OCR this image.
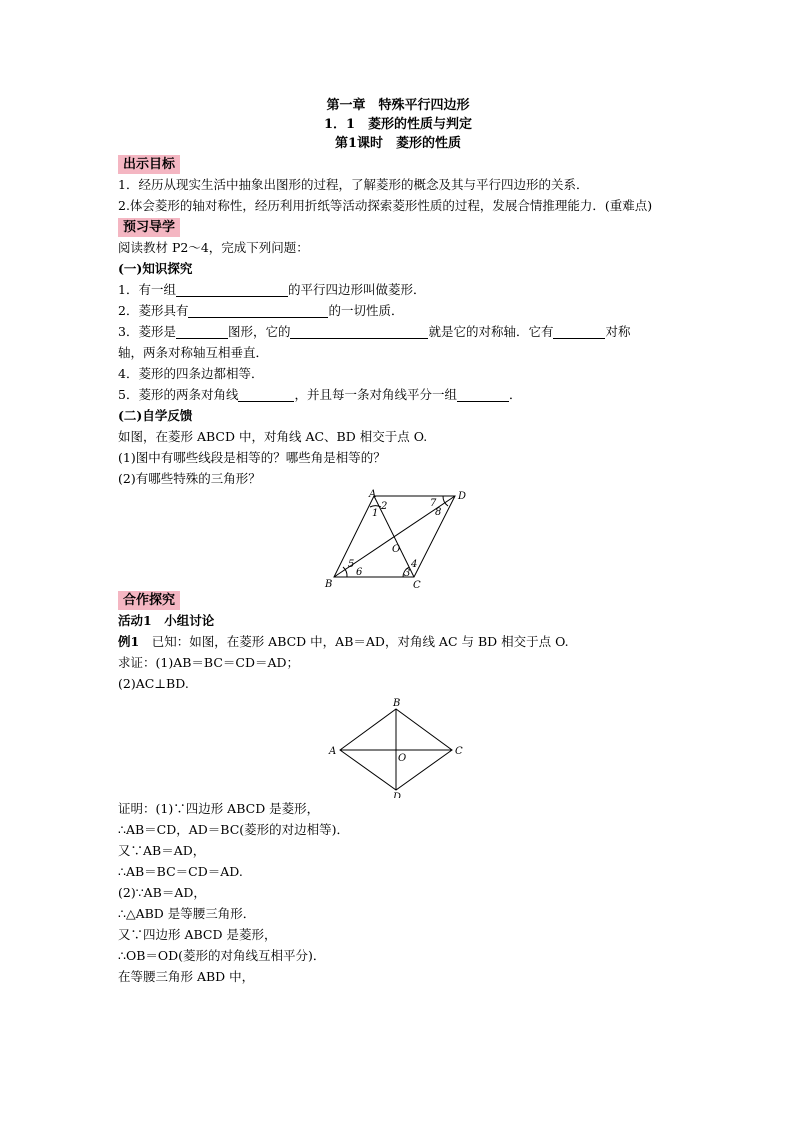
第一章　特殊平行四边形
1．1　菱形的性质与判定
第1课时　菱形的性质
出示目标
1．经历从现实生活中抽象出图形的过程，了解菱形的概念及其与平行四边形的关系．
2.体会菱形的轴对称性，经历利用折纸等活动探索菱形性质的过程，发展合情推理能力．(重难点)
预习导学
阅读教材 P2～4，完成下列问题：
(一)知识探究
1．有一组	的平行四边形叫做菱形．
2．菱形具有	的一切性质．
3．菱形是	图形，它的	就是它的对称轴．它有	对称
轴，两条对称轴互相垂直．
4．菱形的四条边都相等．
5．菱形的两条对角线	，并且每一条对角线平分一组	．
(二)自学反馈
如图，在菱形 ABCD 中，对角线 AC、BD 相交于点 O.
(1)图中有哪些线段是相等的？哪些角是相等的？
(2)有哪些特殊的三角形？
A	D
B	C
O
1
2
3
4
5
6
7
8
合作探究
活动1　小组讨论
例1　已知：如图，在菱形 ABCD 中，AB＝AD，对角线 AC 与 BD 相交于点 O.
求证：(1)AB＝BC＝CD＝AD；
(2)AC⊥BD.
A
B
C
D
O
证明：(1)∵四边形 ABCD 是菱形，
∴AB＝CD，AD＝BC(菱形的对边相等)．
又∵AB＝AD，
∴AB＝BC＝CD＝AD.
(2)∵AB＝AD，
∴△ABD 是等腰三角形．
又∵四边形 ABCD 是菱形，
∴OB＝OD(菱形的对角线互相平分)．
在等腰三角形 ABD 中，
